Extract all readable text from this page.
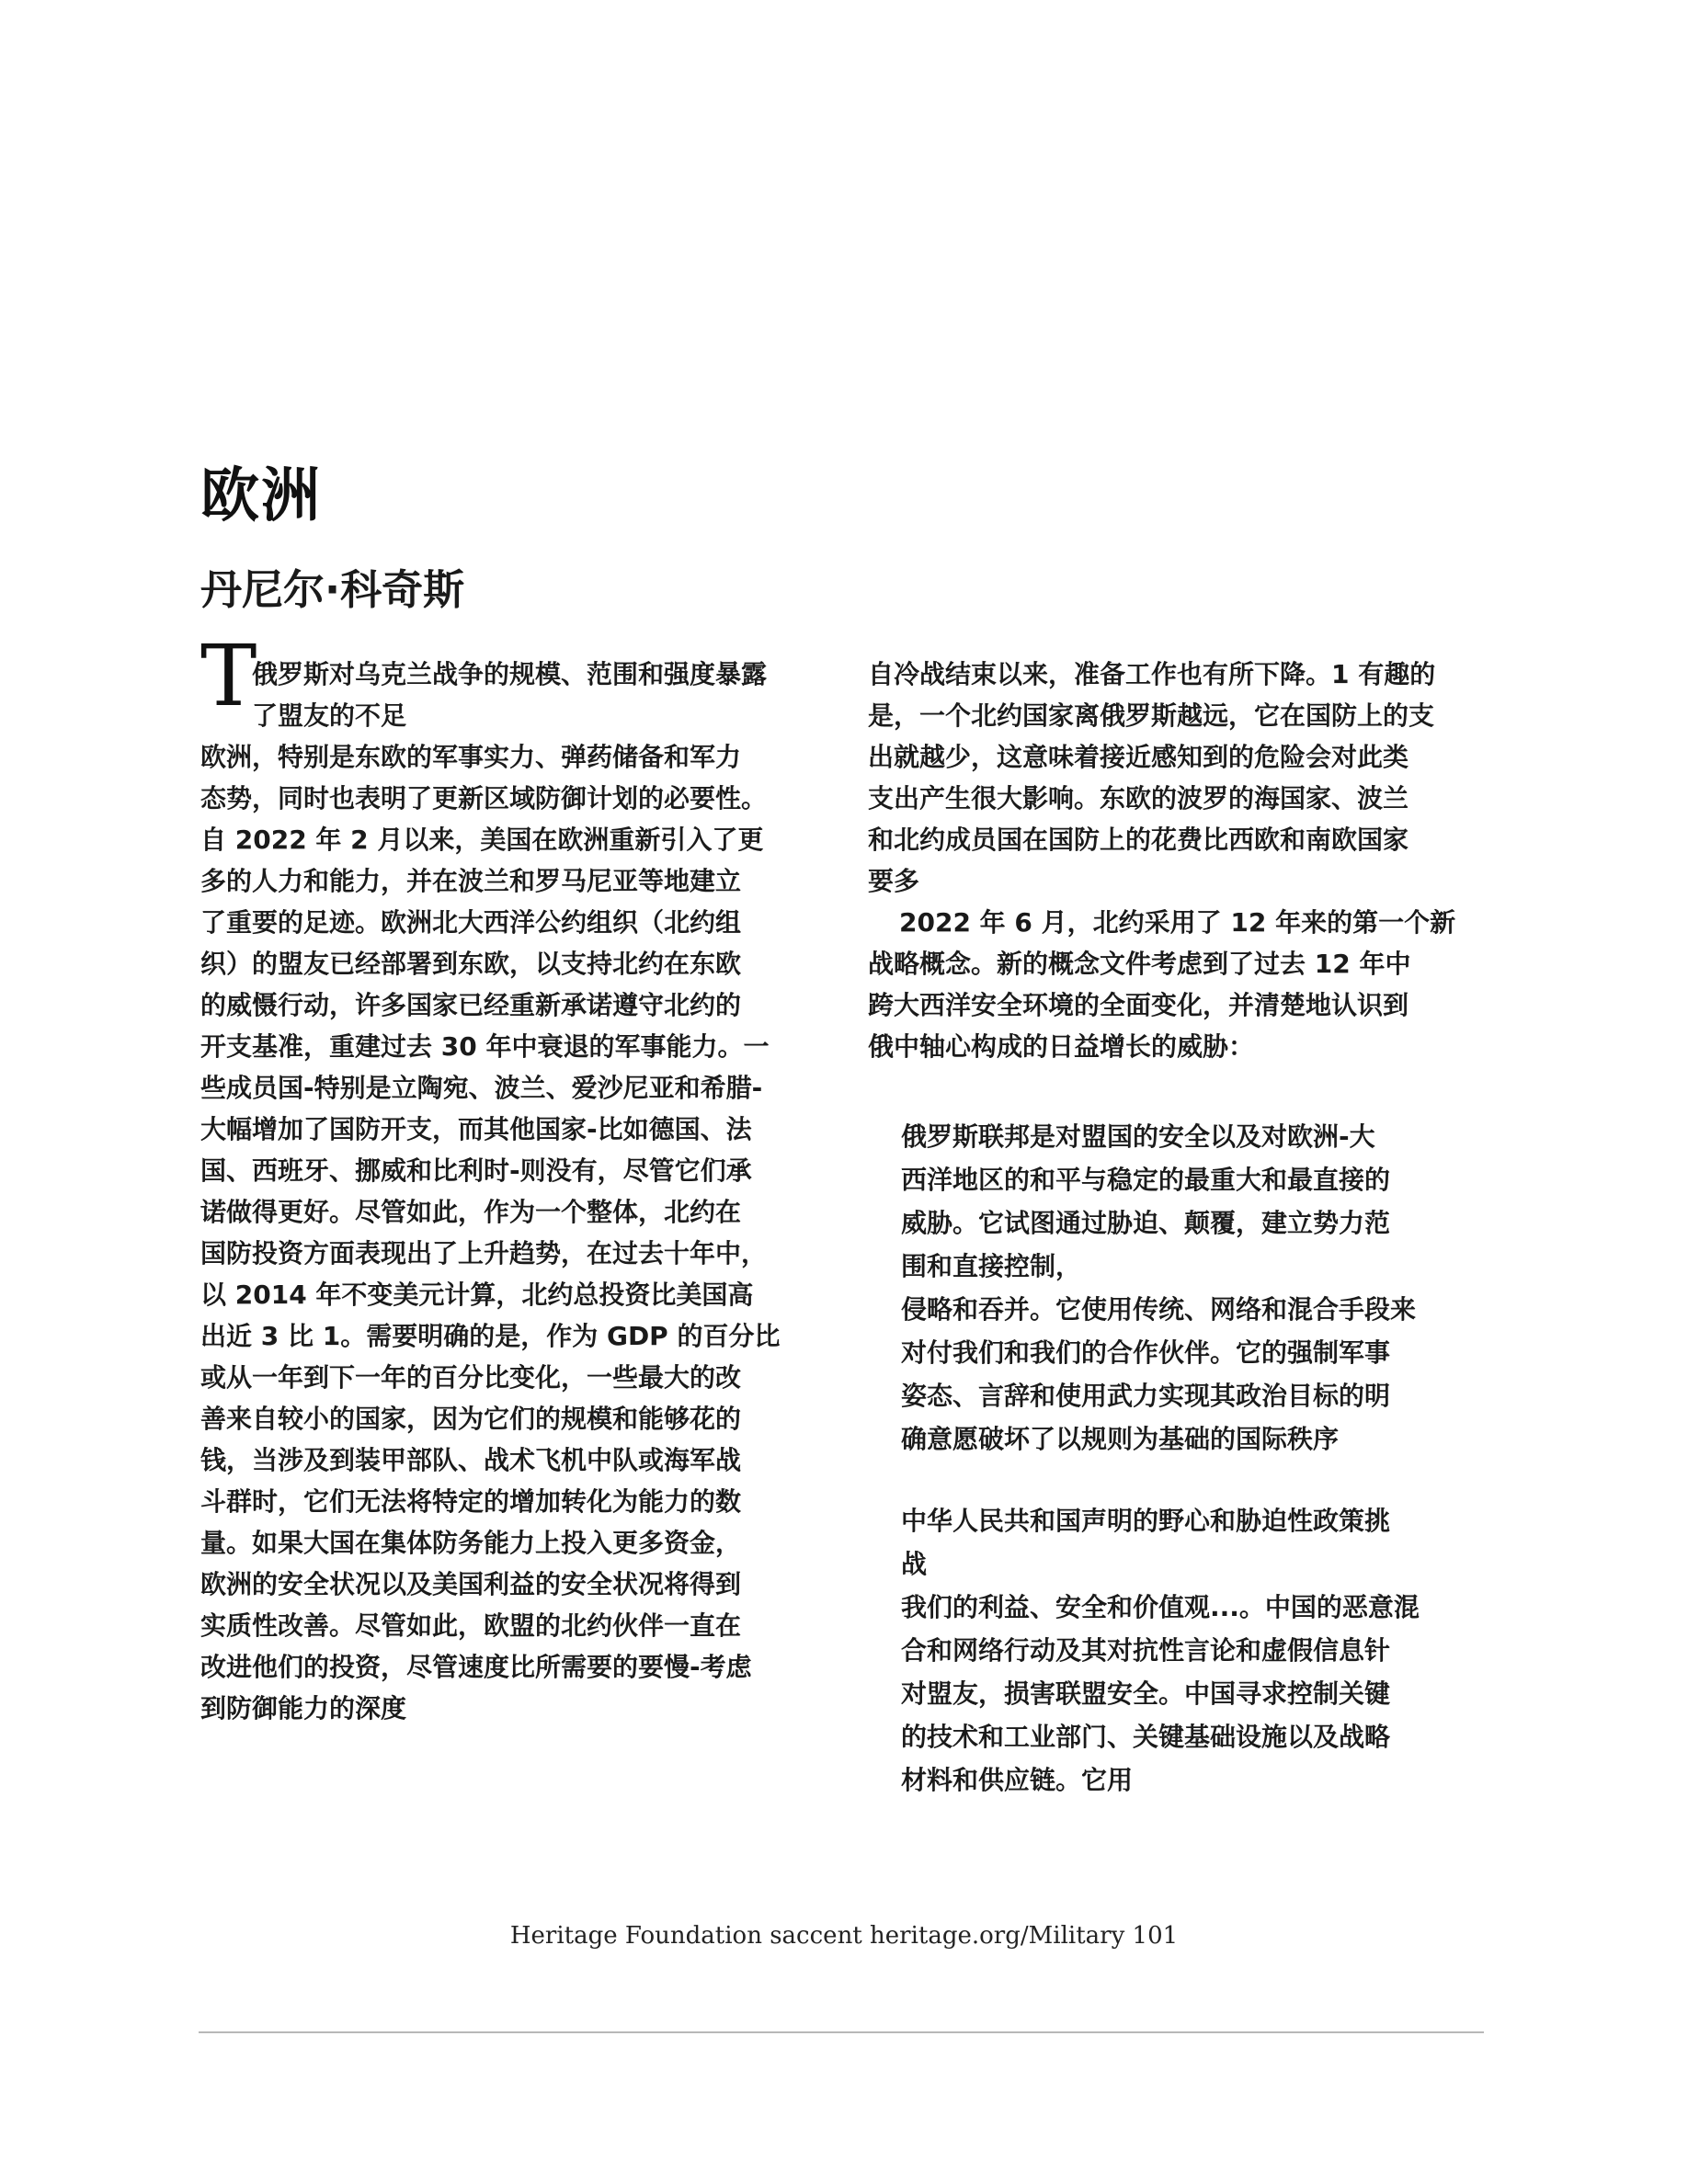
欧洲
丹尼尔·科奇斯
T
俄罗斯对乌克兰战争的规模、范围和强度暴露
了盟友的不足
欧洲，特别是东欧的军事实力、弹药储备和军力
态势，同时也表明了更新区域防御计划的必要性。
自 2022 年 2 月以来，美国在欧洲重新引入了更
多的人力和能力，并在波兰和罗马尼亚等地建立
了重要的足迹。欧洲北大西洋公约组织（北约组
织）的盟友已经部署到东欧，以支持北约在东欧
的威慑行动，许多国家已经重新承诺遵守北约的
开支基准，重建过去 30 年中衰退的军事能力。一
些成员国-特别是立陶宛、波兰、爱沙尼亚和希腊-
大幅增加了国防开支，而其他国家-比如德国、法
国、西班牙、挪威和比利时-则没有，尽管它们承
诺做得更好。尽管如此，作为一个整体，北约在
国防投资方面表现出了上升趋势，在过去十年中，
以 2014 年不变美元计算，北约总投资比美国高
出近 3 比 1。需要明确的是，作为 GDP 的百分比
或从一年到下一年的百分比变化，一些最大的改
善来自较小的国家，因为它们的规模和能够花的
钱，当涉及到装甲部队、战术飞机中队或海军战
斗群时，它们无法将特定的增加转化为能力的数
量。如果大国在集体防务能力上投入更多资金，
欧洲的安全状况以及美国利益的安全状况将得到
实质性改善。尽管如此，欧盟的北约伙伴一直在
改进他们的投资，尽管速度比所需要的要慢-考虑
到防御能力的深度
自冷战结束以来，准备工作也有所下降。1 有趣的
是，一个北约国家离俄罗斯越远，它在国防上的支
出就越少，这意味着接近感知到的危险会对此类
支出产生很大影响。东欧的波罗的海国家、波兰
和北约成员国在国防上的花费比西欧和南欧国家
要多
2022 年 6 月，北约采用了 12 年来的第一个新
战略概念。新的概念文件考虑到了过去 12 年中
跨大西洋安全环境的全面变化，并清楚地认识到
俄中轴心构成的日益增长的威胁：
俄罗斯联邦是对盟国的安全以及对欧洲-大
西洋地区的和平与稳定的最重大和最直接的
威胁。它试图通过胁迫、颠覆，建立势力范
围和直接控制，
侵略和吞并。它使用传统、网络和混合手段来
对付我们和我们的合作伙伴。它的强制军事
姿态、言辞和使用武力实现其政治目标的明
确意愿破坏了以规则为基础的国际秩序
中华人民共和国声明的野心和胁迫性政策挑
战
我们的利益、安全和价值观...。中国的恶意混
合和网络行动及其对抗性言论和虚假信息针
对盟友，损害联盟安全。中国寻求控制关键
的技术和工业部门、关键基础设施以及战略
材料和供应链。它用
Heritage Foundation saccent heritage.org/Military 101
